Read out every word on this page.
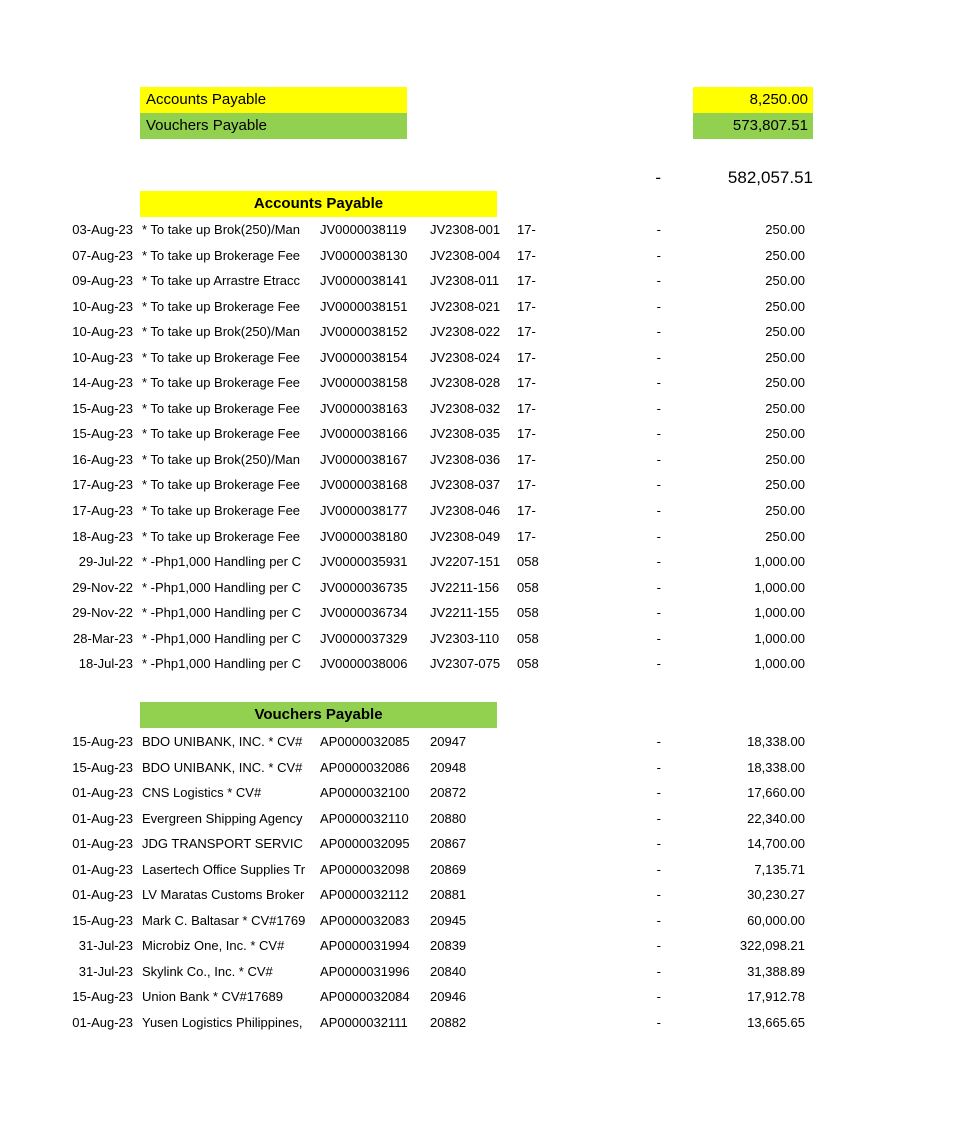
Accounts Payable	8,250.00
Vouchers Payable	573,807.51
-	582,057.51
Accounts Payable
03-Aug-23 * To take up Brok(250)/Man	JV0000038119	JV2308-001	17-	-	250.00
07-Aug-23 * To take up Brokerage Fee	JV0000038130	JV2308-004	17-	-	250.00
09-Aug-23 * To take up Arrastre Etracc	JV0000038141	JV2308-011	17-	-	250.00
10-Aug-23 * To take up Brokerage Fee	JV0000038151	JV2308-021	17-	-	250.00
10-Aug-23 * To take up Brok(250)/Man	JV0000038152	JV2308-022	17-	-	250.00
10-Aug-23 * To take up Brokerage Fee	JV0000038154	JV2308-024	17-	-	250.00
14-Aug-23 * To take up Brokerage Fee	JV0000038158	JV2308-028	17-	-	250.00
15-Aug-23 * To take up Brokerage Fee	JV0000038163	JV2308-032	17-	-	250.00
15-Aug-23 * To take up Brokerage Fee	JV0000038166	JV2308-035	17-	-	250.00
16-Aug-23 * To take up Brok(250)/Man	JV0000038167	JV2308-036	17-	-	250.00
17-Aug-23 * To take up Brokerage Fee	JV0000038168	JV2308-037	17-	-	250.00
17-Aug-23 * To take up Brokerage Fee	JV0000038177	JV2308-046	17-	-	250.00
18-Aug-23 * To take up Brokerage Fee	JV0000038180	JV2308-049	17-	-	250.00
29-Jul-22 * -Php1,000 Handling per C	JV0000035931	JV2207-151	058	-	1,000.00
29-Nov-22 * -Php1,000 Handling per C	JV0000036735	JV2211-156	058	-	1,000.00
29-Nov-22 * -Php1,000 Handling per C	JV0000036734	JV2211-155	058	-	1,000.00
28-Mar-23 * -Php1,000 Handling per C	JV0000037329	JV2303-110	058	-	1,000.00
18-Jul-23 * -Php1,000 Handling per C	JV0000038006	JV2307-075	058	-	1,000.00
Vouchers Payable
15-Aug-23 BDO UNIBANK, INC. * CV#	AP0000032085 20947	-	18,338.00
15-Aug-23 BDO UNIBANK, INC. * CV#	AP0000032086 20948	-	18,338.00
01-Aug-23 CNS Logistics * CV#	AP0000032100 20872	-	17,660.00
01-Aug-23 Evergreen Shipping Agency	AP0000032110	20880	-	22,340.00
01-Aug-23 JDG TRANSPORT SERVIC	AP0000032095 20867	-	14,700.00
01-Aug-23 Lasertech Office Supplies Tr	AP0000032098 20869	-	7,135.71
01-Aug-23 LV Maratas Customs Broker	AP0000032112	20881	-	30,230.27
15-Aug-23 Mark C. Baltasar * CV#1769	AP0000032083 20945	-	60,000.00
31-Jul-23 Microbiz One, Inc. * CV#	AP0000031994 20839	-	322,098.21
31-Jul-23 Skylink Co., Inc. * CV#	AP0000031996 20840	-	31,388.89
15-Aug-23 Union Bank * CV#17689	AP0000032084 20946	-	17,912.78
01-Aug-23 Yusen Logistics Philippines,	AP0000032111	20882	-	13,665.65
